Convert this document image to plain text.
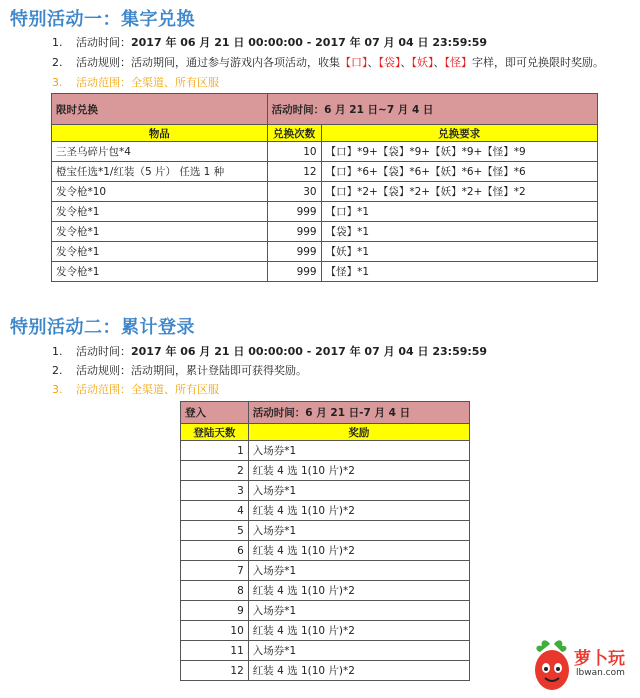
特别活动一：集字兑换
1. 活动时间：2017 年 06 月 21 日 00:00:00 - 2017 年 07 月 04 日 23:59:59
2. 活动规则：活动期间，通过参与游戏内各项活动，收集【口】、【袋】、【妖】、【怪】字样，即可兑换限时奖励。
3. 活动范围：全渠道、所有区服
限时兑换	活动时间：6 月 21 日~7 月 4 日	
物品	兑换次数	兑换要求
三圣乌碎片包*4	10	【口】*9+【袋】*9+【妖】*9+【怪】*9
橙宝任选*1/红装（5 片） 任选 1 种	12	【口】*6+【袋】*6+【妖】*6+【怪】*6
发令枪*10	30	【口】*2+【袋】*2+【妖】*2+【怪】*2
发令枪*1	999	【口】*1
发令枪*1	999	【袋】*1
发令枪*1	999	【妖】*1
发令枪*1	999	【怪】*1
特别活动二：累计登录
1. 活动时间：2017 年 06 月 21 日 00:00:00 - 2017 年 07 月 04 日 23:59:59
2. 活动规则：活动期间，累计登陆即可获得奖励。
3. 活动范围：全渠道、所有区服
登入	活动时间：6 月 21 日-7 月 4 日
登陆天数	奖励
1	入场券*1
2	红装 4 选 1(10 片)*2
3	入场券*1
4	红装 4 选 1(10 片)*2
5	入场券*1
6	红装 4 选 1(10 片)*2
7	入场券*1
8	红装 4 选 1(10 片)*2
9	入场券*1
10	红装 4 选 1(10 片)*2
11	入场券*1
12	红装 4 选 1(10 片)*2
萝卜玩
lbwan.com
